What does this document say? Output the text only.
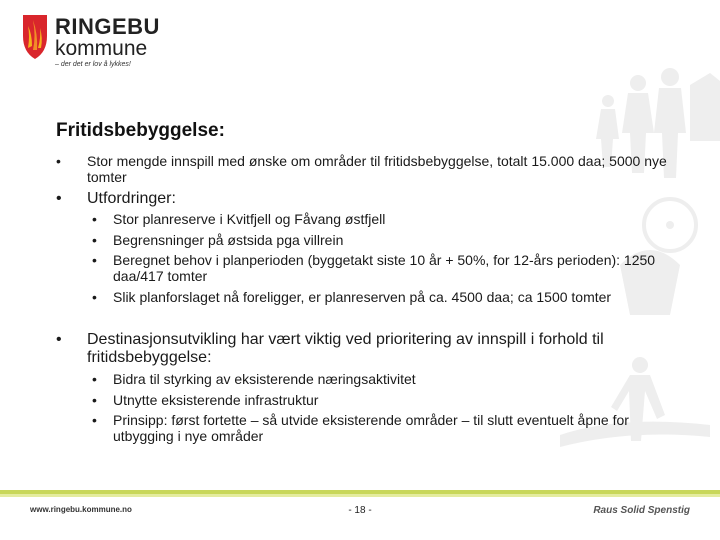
RINGEBU
kommune
– der det er lov å lykkes!
Fritidsbebyggelse:
• Stor mengde innspill med ønske om områder til fritidsbebyggelse, totalt 15.000 daa; 5000 nye tomter
• Utfordringer:
• Stor planreserve i Kvitfjell og Fåvang østfjell
• Begrensninger på østsida pga villrein
• Beregnet behov i planperioden (byggetakt siste 10 år + 50%, for 12-års perioden): 1250 daa/417 tomter
• Slik planforslaget nå foreligger, er planreserven på ca. 4500 daa; ca 1500 tomter
• Destinasjonsutvikling har vært viktig ved prioritering av innspill i forhold til fritidsbebyggelse:
• Bidra til styrking av eksisterende næringsaktivitet
• Utnytte eksisterende infrastruktur
• Prinsipp: først fortette – så utvide eksisterende områder – til slutt eventuelt åpne for utbygging i nye områder
www.ringebu.kommune.no	- 18 -	Raus Solid Spenstig
